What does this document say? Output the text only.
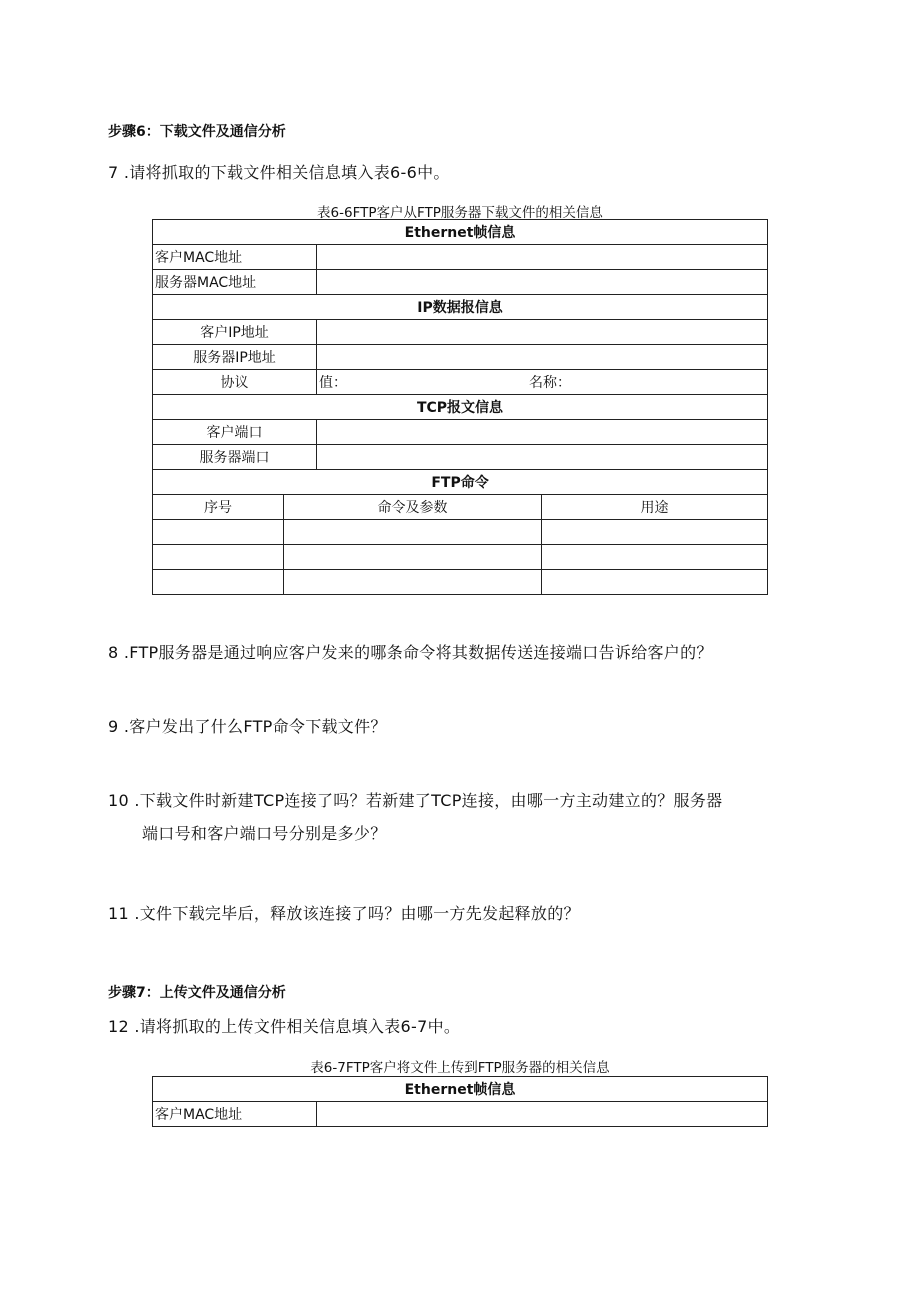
步骤6：下载文件及通信分析
7 .请将抓取的下载文件相关信息填入表6-6中。
表6-6FTP客户从FTP服务器下载文件的相关信息
Ethernet帧信息			
客户MAC地址			
服务器MAC地址			
IP数据报信息			
客户IP地址			
服务器IP地址			
协议		值： 名称：	
TCP报文信息			
客户端口			
服务器端口			
FTP命令			
序号	命令及参数		用途

8 .FTP服务器是通过响应客户发来的哪条命令将其数据传送连接端口告诉给客户的？
9 .客户发出了什么FTP命令下载文件？
10 .下载文件时新建TCP连接了吗？若新建了TCP连接，由哪一方主动建立的？服务器
端口号和客户端口号分别是多少？
11 .文件下载完毕后，释放该连接了吗？由哪一方先发起释放的？
步骤7：上传文件及通信分析
12 .请将抓取的上传文件相关信息填入表6-7中。
表6-7FTP客户将文件上传到FTP服务器的相关信息
Ethernet帧信息
客户MAC地址	
